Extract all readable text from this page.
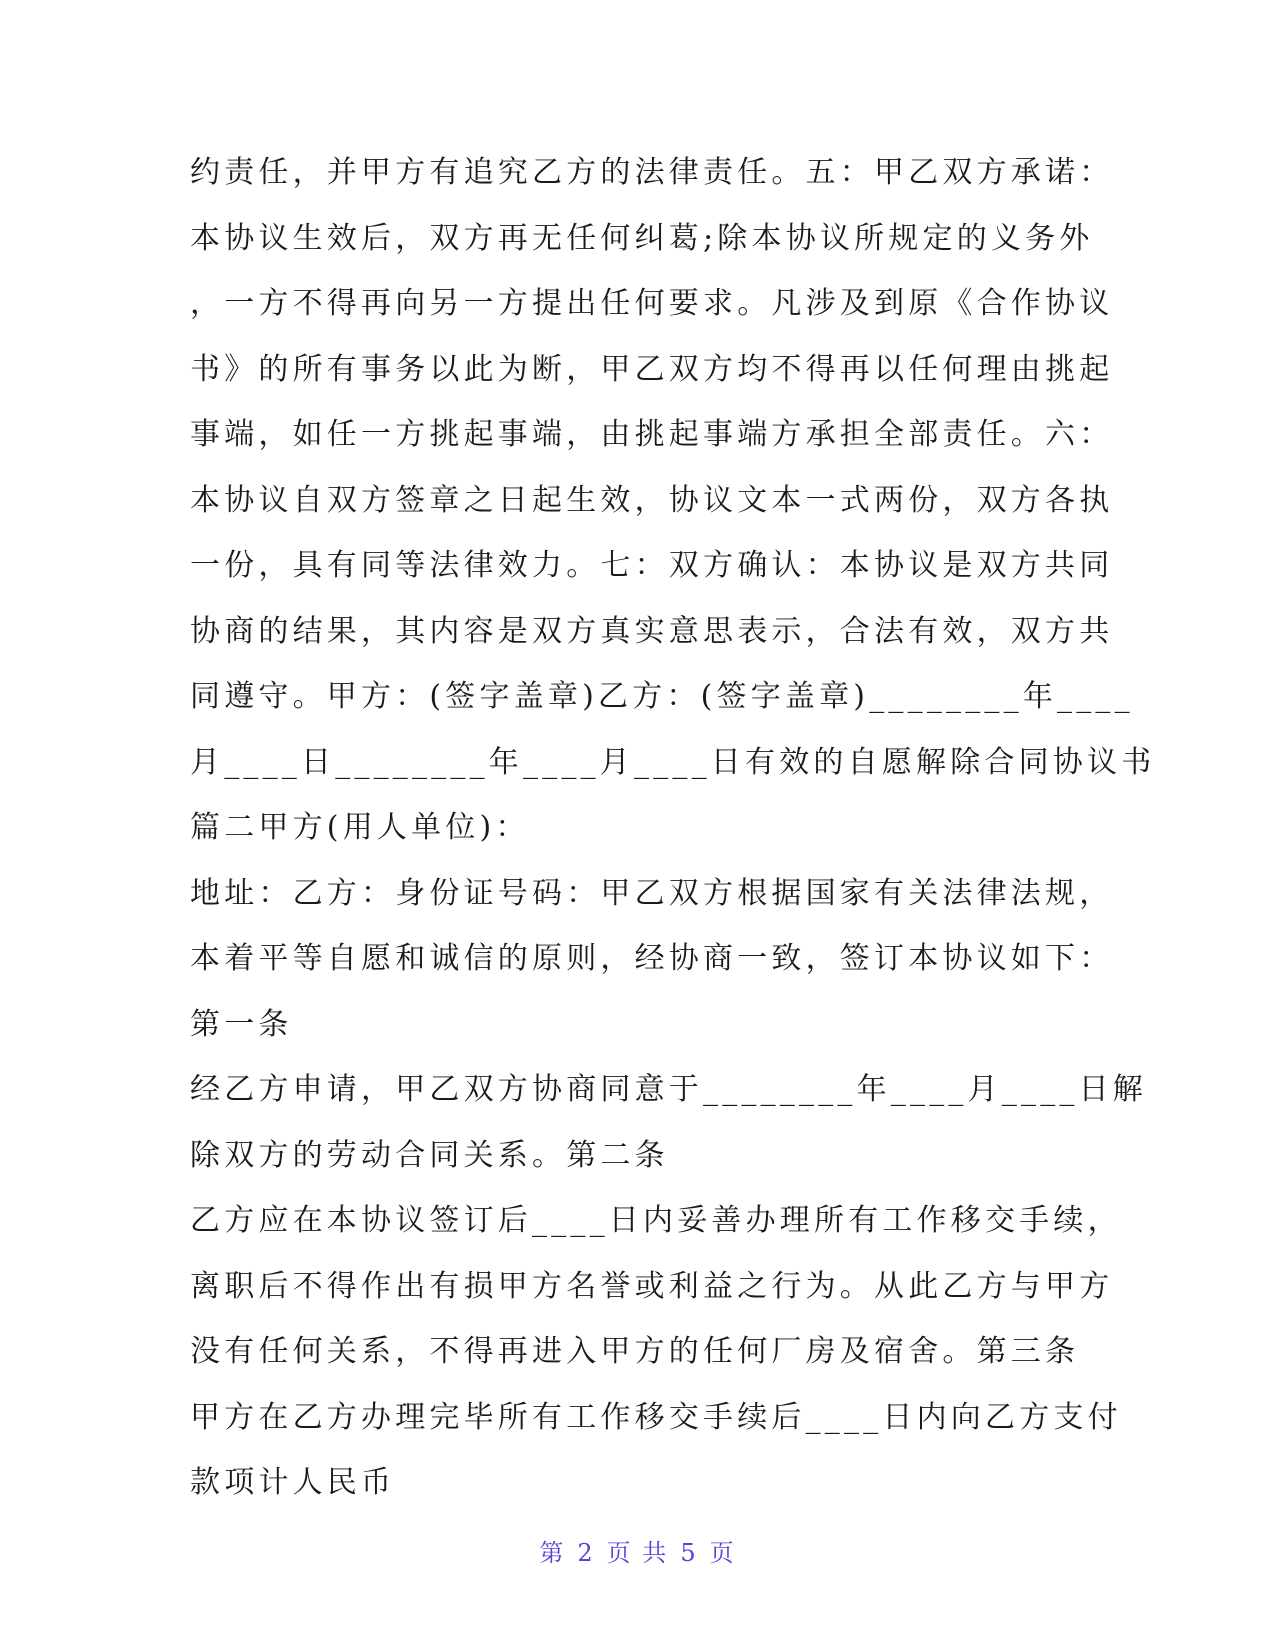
约责任，并甲方有追究乙方的法律责任。五：甲乙双方承诺：
本协议生效后，双方再无任何纠葛;除本协议所规定的义务外
，一方不得再向另一方提出任何要求。凡涉及到原《合作协议
书》的所有事务以此为断，甲乙双方均不得再以任何理由挑起
事端，如任一方挑起事端，由挑起事端方承担全部责任。六：
本协议自双方签章之日起生效，协议文本一式两份，双方各执
一份，具有同等法律效力。七：双方确认：本协议是双方共同
协商的结果，其内容是双方真实意思表示，合法有效，双方共
同遵守。甲方：(签字盖章)乙方：(签字盖章)________年____
月____日________年____月____日有效的自愿解除合同协议书
篇二甲方(用人单位)：
地址：乙方：身份证号码：甲乙双方根据国家有关法律法规，
本着平等自愿和诚信的原则，经协商一致，签订本协议如下：
第一条
经乙方申请，甲乙双方协商同意于________年____月____日解
除双方的劳动合同关系。第二条
乙方应在本协议签订后____日内妥善办理所有工作移交手续，
离职后不得作出有损甲方名誉或利益之行为。从此乙方与甲方
没有任何关系，不得再进入甲方的任何厂房及宿舍。第三条
甲方在乙方办理完毕所有工作移交手续后____日内向乙方支付
款项计人民币
第 2 页 共 5 页
